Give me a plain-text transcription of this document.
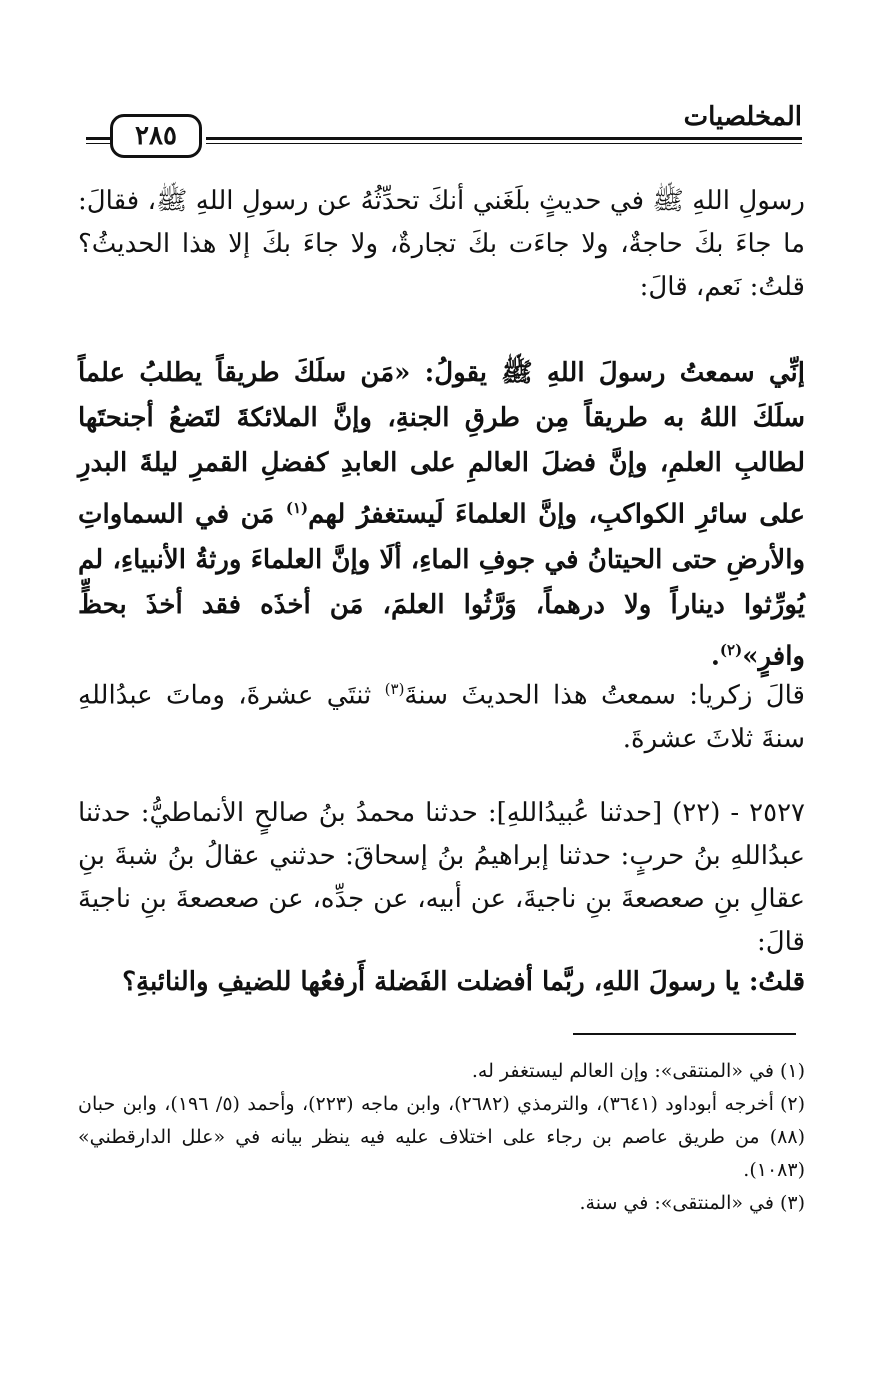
المخلصيات
٢٨٥

رسولِ اللهِ ﷺ في حديثٍ بلَغَني أنكَ تحدِّثُهُ عن رسولِ اللهِ ﷺ، فقالَ: ما جاءَ بكَ حاجةٌ، ولا جاءَت بكَ تجارةٌ، ولا جاءَ بكَ إلا هذا الحديثُ؟ قلتُ: نَعم، قالَ:

إنِّي سمعتُ رسولَ اللهِ ﷺ يقولُ: «مَن سلَكَ طريقاً يطلبُ علماً سلَكَ اللهُ به طريقاً مِن طرقِ الجنةِ، وإنَّ الملائكةَ لتَضعُ أجنحتَها لطالبِ العلمِ، وإنَّ فضلَ العالمِ على العابدِ كفضلِ القمرِ ليلةَ البدرِ على سائرِ الكواكبِ، وإنَّ العلماءَ لَيستغفرُ لهم$^{(١)}$ مَن في السماواتِ والأرضِ حتى الحيتانُ في جوفِ الماءِ، ألَا وإنَّ العلماءَ ورثةُ الأنبياءِ، لم يُورِّثوا ديناراً ولا درهماً، وَرَّثُوا العلمَ، مَن أخذَه فقد أخذَ بحظٍّ وافرٍ»$^{(٢)}$.

قالَ زكريا: سمعتُ هذا الحديثَ سنةَ$^{(٣)}$ ثنتَي عشرةَ، وماتَ عبدُاللهِ سنةَ ثلاثَ عشرةَ.

٢٥٢٧ - (٢٢) [حدثنا عُبيدُاللهِ]: حدثنا محمدُ بنُ صالحٍ الأنماطيُّ: حدثنا عبدُاللهِ بنُ حربٍ: حدثنا إبراهيمُ بنُ إسحاقَ: حدثني عقالُ بنُ شبةَ بنِ عقالِ بنِ صعصعةَ بنِ ناجيةَ، عن أبيه، عن جدِّه، عن صعصعةَ بنِ ناجيةَ قالَ:

قلتُ: يا رسولَ اللهِ، ربَّما أفضلت الفَضلة أَرفعُها للضيفِ والنائبةِ؟

(١)في «المنتقى»: وإن العالم ليستغفر له.

(٢)أخرجه أبوداود (٣٦٤١)، والترمذي (٢٦٨٢)، وابن ماجه (٢٢٣)، وأحمد (٥/ ١٩٦)، وابن حبان (٨٨) من طريق عاصم بن رجاء على اختلاف عليه فيه ينظر بيانه في «علل الدارقطني» (١٠٨٣).

(٣)في «المنتقى»: في سنة.
